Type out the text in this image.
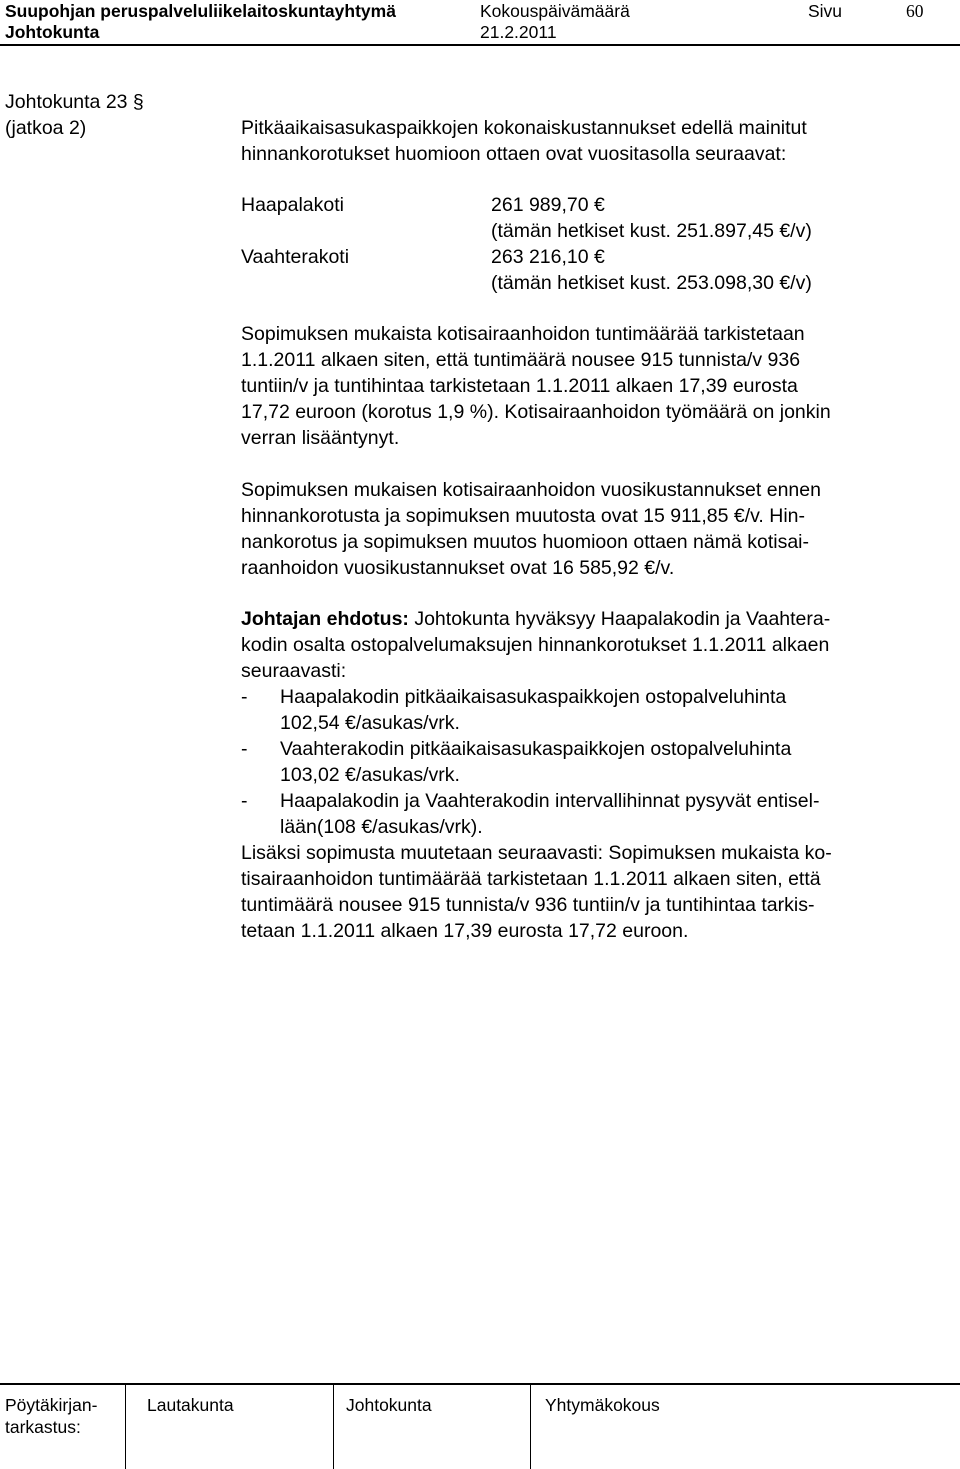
Suupohjan peruspalveluliikelaitoskuntayhtymä	Kokouspäivämäärä	Sivu	60
Johtokunta	21.2.2011
Johtokunta 23 §
(jatkoa 2)	Pitkäaikaisasukaspaikkojen kokonaiskustannukset edellä mainitut
hinnankorotukset huomioon ottaen ovat vuositasolla seuraavat:
Haapalakoti	261 989,70 €
(tämän hetkiset kust. 251.897,45 €/v)
Vaahterakoti	263 216,10 €
(tämän hetkiset kust. 253.098,30 €/v)
Sopimuksen mukaista kotisairaanhoidon tuntimäärää tarkistetaan
1.1.2011 alkaen siten, että tuntimäärä nousee 915 tunnista/v 936
tuntiin/v ja tuntihintaa tarkistetaan 1.1.2011 alkaen 17,39 eurosta
17,72 euroon (korotus 1,9 %). Kotisairaanhoidon työmäärä on jonkin
verran lisääntynyt.
Sopimuksen mukaisen kotisairaanhoidon vuosikustannukset ennen
hinnankorotusta ja sopimuksen muutosta ovat 15 911,85 €/v. Hin-
nankorotus ja sopimuksen muutos huomioon ottaen nämä kotisai-
raanhoidon vuosikustannukset ovat 16 585,92 €/v.
Johtajan ehdotus: Johtokunta hyväksyy Haapalakodin ja Vaahtera-
kodin osalta ostopalvelumaksujen hinnankorotukset 1.1.2011 alkaen
seuraavasti:
- Haapalakodin pitkäaikaisasukaspaikkojen ostopalveluhinta
102,54 €/asukas/vrk.
- Vaahterakodin pitkäaikaisasukaspaikkojen ostopalveluhinta
103,02 €/asukas/vrk.
- Haapalakodin ja Vaahterakodin intervallihinnat pysyvät entisel-
lään(108 €/asukas/vrk).
Lisäksi sopimusta muutetaan seuraavasti: Sopimuksen mukaista ko-
tisairaanhoidon tuntimäärää tarkistetaan 1.1.2011 alkaen siten, että
tuntimäärä nousee 915 tunnista/v 936 tuntiin/v ja tuntihintaa tarkis-
tetaan 1.1.2011 alkaen 17,39 eurosta 17,72 euroon.
Pöytäkirjan-
tarkastus:
Lautakunta	Johtokunta	Yhtymäkokous
